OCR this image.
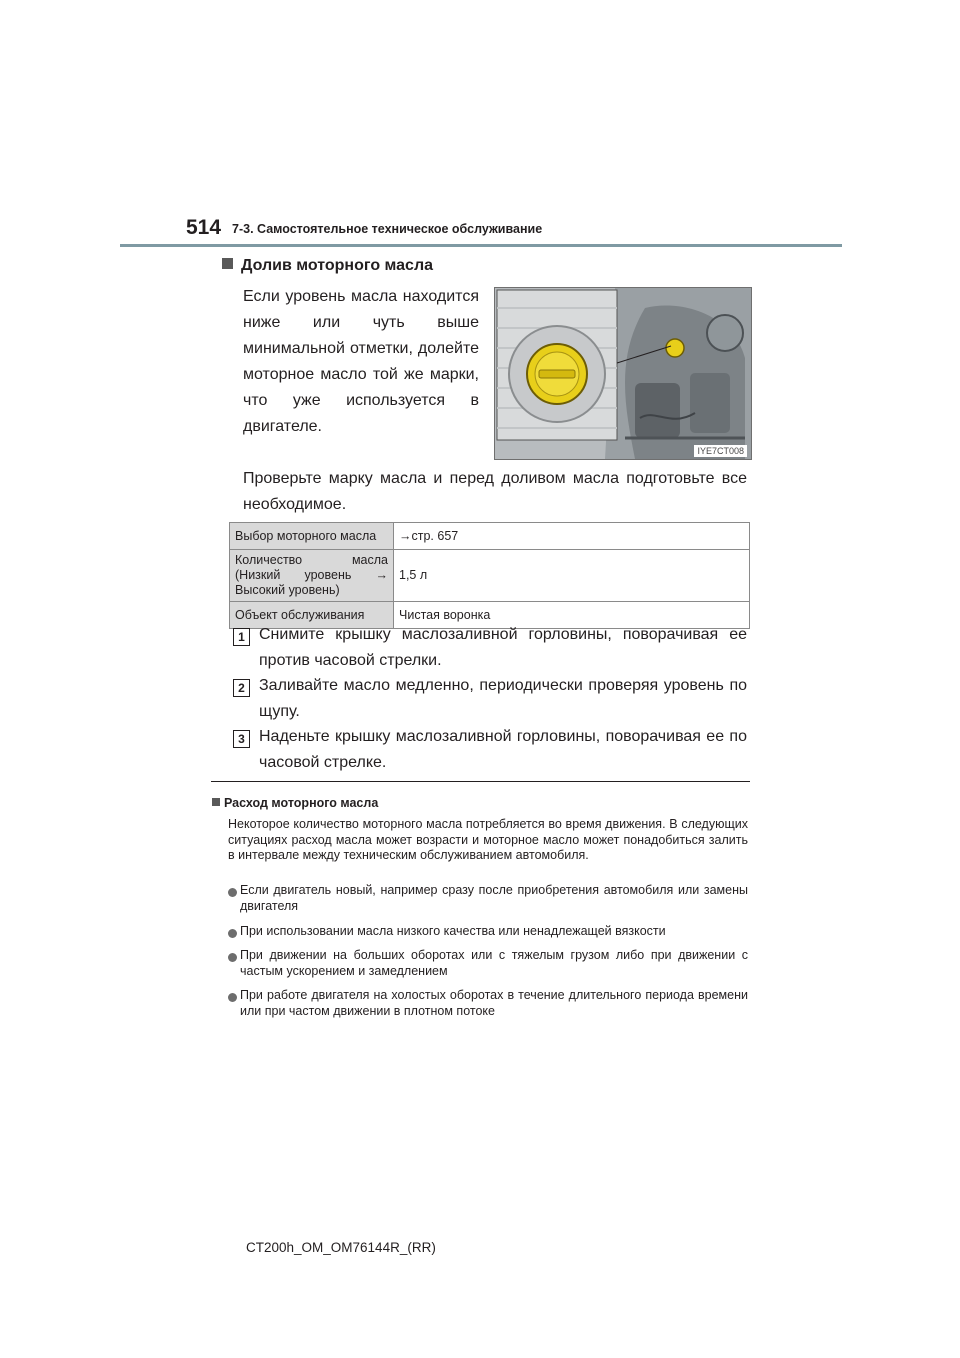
514 7-3. Самостоятельное техническое обслуживание
Долив моторного масла
Если уровень масла находится ниже или чуть выше минимальной отметки, долейте моторное масло той же марки, что уже используется в двигателе.
IYE7CT008
Проверьте марку масла и перед доливом масла подготовьте все необходимое.
Выбор моторного масла	→стр. 657
Количество масла (Низкий уровень → Высокий уровень)	1,5 л
Объект обслуживания	Чистая воронка
1 Снимите крышку маслозаливной горловины, поворачивая ее против часовой стрелки.
2 Заливайте масло медленно, периодически проверяя уровень по щупу.
3 Наденьте крышку маслозаливной горловины, поворачивая ее по часовой стрелке.
Расход моторного масла
Некоторое количество моторного масла потребляется во время движения. В следующих ситуациях расход масла может возрасти и моторное масло может понадобиться залить в интервале между техническим обслуживанием автомобиля.
Если двигатель новый, например сразу после приобретения автомобиля или замены двигателя
При использовании масла низкого качества или ненадлежащей вязкости
При движении на больших оборотах или с тяжелым грузом либо при движении с частым ускорением и замедлением
При работе двигателя на холостых оборотах в течение длительного периода времени или при частом движении в плотном потоке
CT200h_OM_OM76144R_(RR)
